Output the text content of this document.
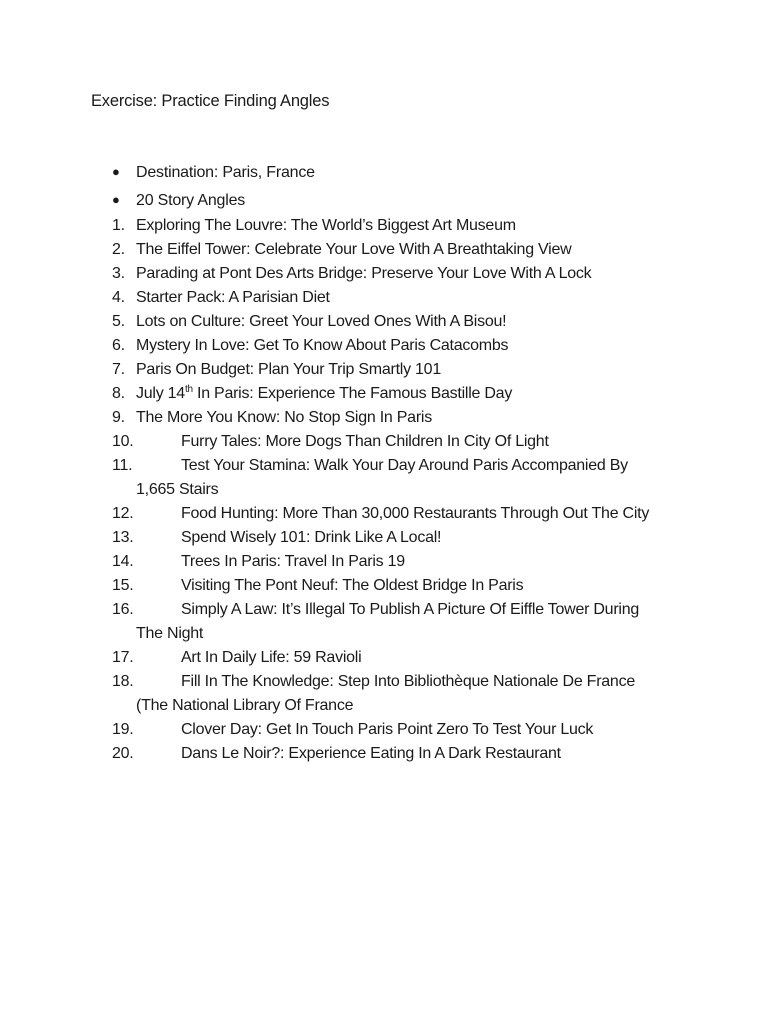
Exercise: Practice Finding Angles
● Destination: Paris, France
● 20 Story Angles
1. Exploring The Louvre: The World’s Biggest Art Museum
2. The Eiffel Tower: Celebrate Your Love With A Breathtaking View
3. Parading at Pont Des Arts Bridge: Preserve Your Love With A Lock
4. Starter Pack: A Parisian Diet
5. Lots on Culture: Greet Your Loved Ones With A Bisou!
6. Mystery In Love: Get To Know About Paris Catacombs
7. Paris On Budget: Plan Your Trip Smartly 101
8. July 14th In Paris: Experience The Famous Bastille Day
9. The More You Know: No Stop Sign In Paris
10.	Furry Tales: More Dogs Than Children In City Of Light
11.	Test Your Stamina: Walk Your Day Around Paris Accompanied By
1,665 Stairs
12.	Food Hunting: More Than 30,000 Restaurants Through Out The City
13.	Spend Wisely 101: Drink Like A Local!
14.	Trees In Paris: Travel In Paris 19
15.	Visiting The Pont Neuf: The Oldest Bridge In Paris
16.	Simply A Law: It’s Illegal To Publish A Picture Of Eiffle Tower During
The Night
17.	Art In Daily Life: 59 Ravioli
18.	Fill In The Knowledge: Step Into Bibliothèque Nationale De France
(The National Library Of France
19.	Clover Day: Get In Touch Paris Point Zero To Test Your Luck
20.	Dans Le Noir?: Experience Eating In A Dark Restaurant
